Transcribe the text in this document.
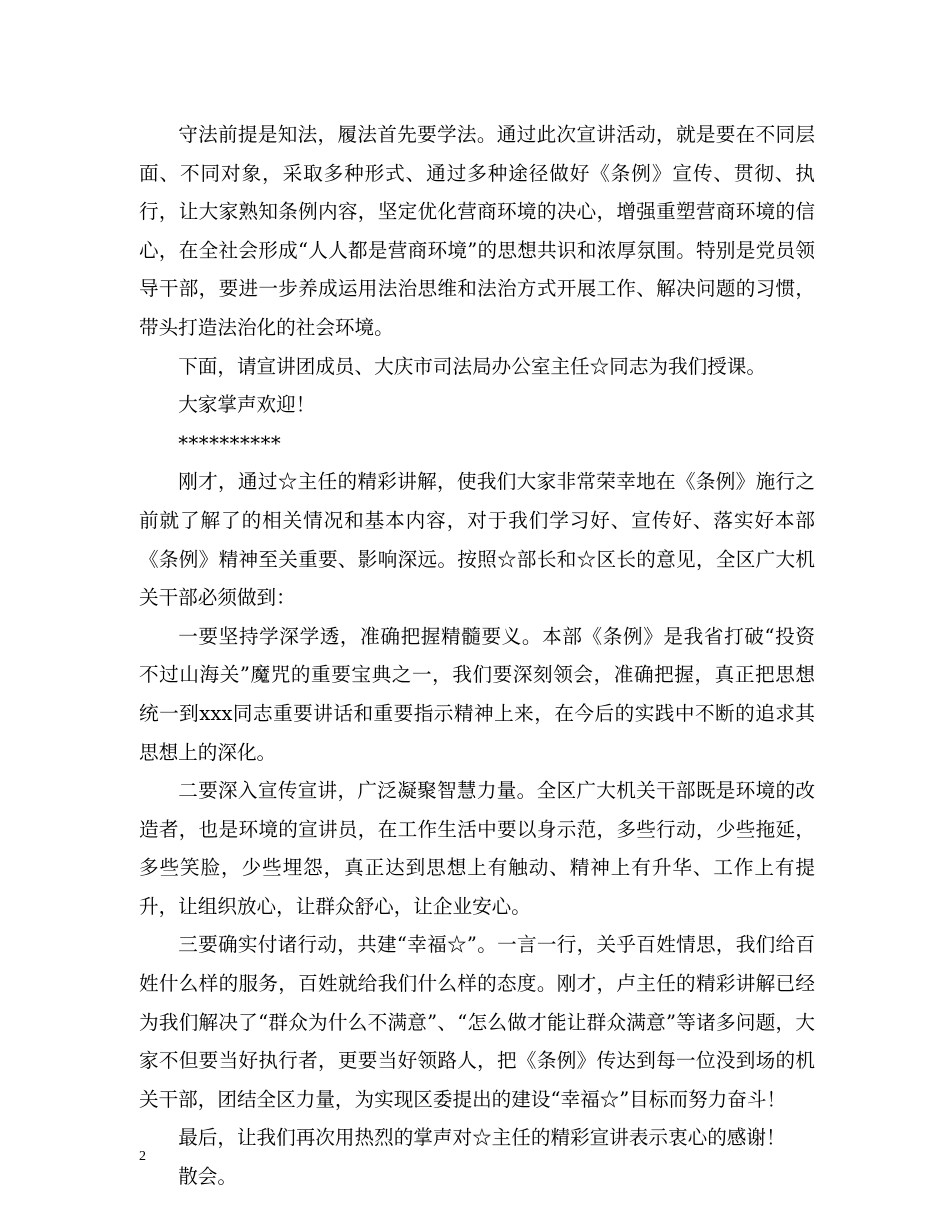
守法前提是知法，履法首先要学法。通过此次宣讲活动，就是要在不同层面、不同对象，采取多种形式、通过多种途径做好《条例》宣传、贯彻、执行，让大家熟知条例内容，坚定优化营商环境的决心，增强重塑营商环境的信心，在全社会形成“人人都是营商环境”的思想共识和浓厚氛围。特别是党员领导干部，要进一步养成运用法治思维和法治方式开展工作、解决问题的习惯，带头打造法治化的社会环境。

下面，请宣讲团成员、大庆市司法局办公室主任☆同志为我们授课。

大家掌声欢迎！

**********

刚才，通过☆主任的精彩讲解，使我们大家非常荣幸地在《条例》施行之前就了解了的相关情况和基本内容，对于我们学习好、宣传好、落实好本部《条例》精神至关重要、影响深远。按照☆部长和☆区长的意见，全区广大机关干部必须做到：

一要坚持学深学透，准确把握精髓要义。本部《条例》是我省打破“投资不过山海关”魔咒的重要宝典之一，我们要深刻领会，准确把握，真正把思想统一到xxx同志重要讲话和重要指示精神上来，在今后的实践中不断的追求其思想上的深化。

二要深入宣传宣讲，广泛凝聚智慧力量。全区广大机关干部既是环境的改造者，也是环境的宣讲员，在工作生活中要以身示范，多些行动，少些拖延，多些笑脸，少些埋怨，真正达到思想上有触动、精神上有升华、工作上有提升，让组织放心，让群众舒心，让企业安心。

三要确实付诸行动，共建“幸福☆”。一言一行，关乎百姓情思，我们给百姓什么样的服务，百姓就给我们什么样的态度。刚才，卢主任的精彩讲解已经为我们解决了“群众为什么不满意”、“怎么做才能让群众满意”等诸多问题，大家不但要当好执行者，更要当好领路人，把《条例》传达到每一位没到场的机关干部，团结全区力量，为实现区委提出的建设“幸福☆”目标而努力奋斗！

最后，让我们再次用热烈的掌声对☆主任的精彩宣讲表示衷心的感谢！

散会。

2
